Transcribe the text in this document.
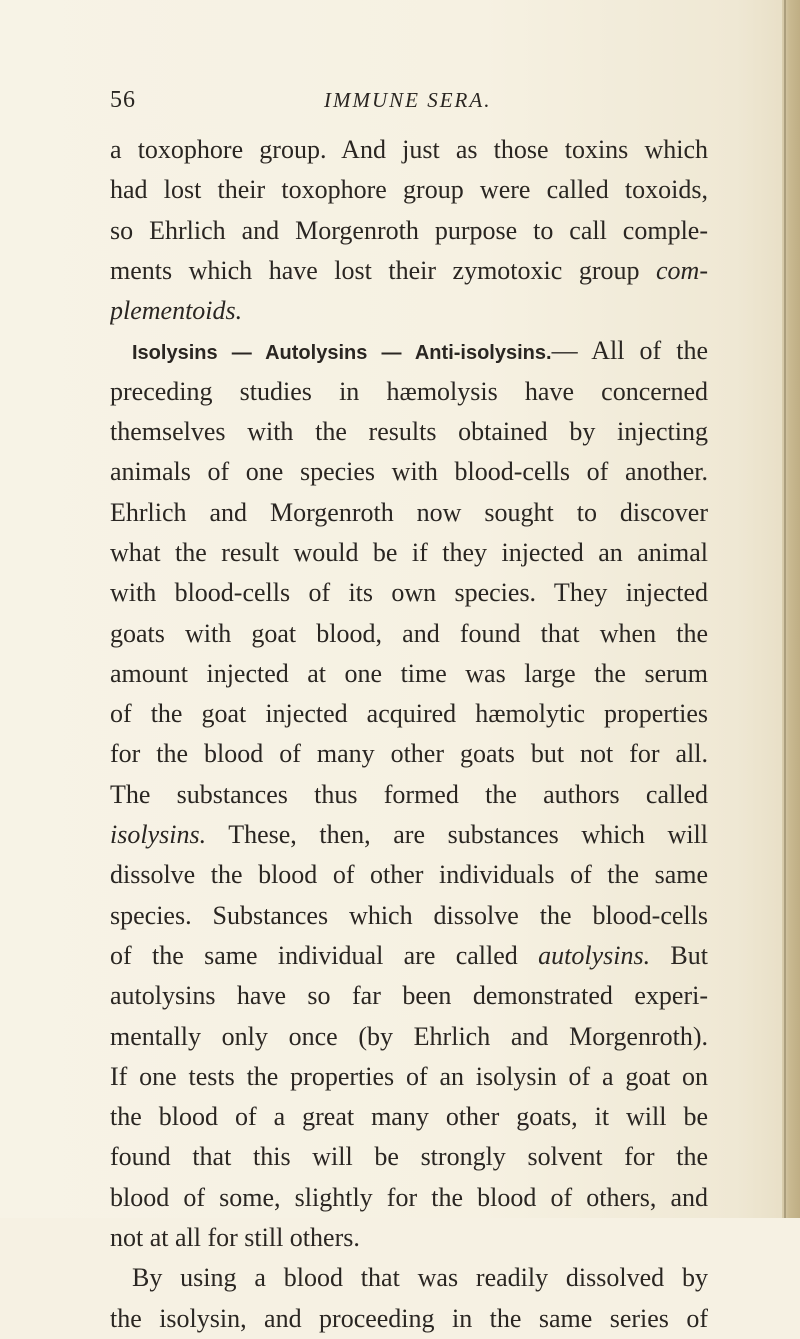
56	IMMUNE SERA.
a toxophore group. And just as those toxins which
had lost their toxophore group were called toxoids,
so Ehrlich and Morgenroth purpose to call comple-
ments which have lost their zymotoxic group com-
plementoids.
Isolysins — Autolysins — Anti-isolysins.— All of the
preceding studies in hæmolysis have concerned
themselves with the results obtained by injecting
animals of one species with blood-cells of another.
Ehrlich and Morgenroth now sought to discover
what the result would be if they injected an animal
with blood-cells of its own species. They injected
goats with goat blood, and found that when the
amount injected at one time was large the serum
of the goat injected acquired hæmolytic properties
for the blood of many other goats but not for all.
The substances thus formed the authors called
isolysins. These, then, are substances which will
dissolve the blood of other individuals of the same
species. Substances which dissolve the blood-cells
of the same individual are called autolysins. But
autolysins have so far been demonstrated experi-
mentally only once (by Ehrlich and Morgenroth).
If one tests the properties of an isolysin of a goat on
the blood of a great many other goats, it will be
found that this will be strongly solvent for the
blood of some, slightly for the blood of others, and
not at all for still others.
By using a blood that was readily dissolved by
the isolysin, and proceeding in the same series of
